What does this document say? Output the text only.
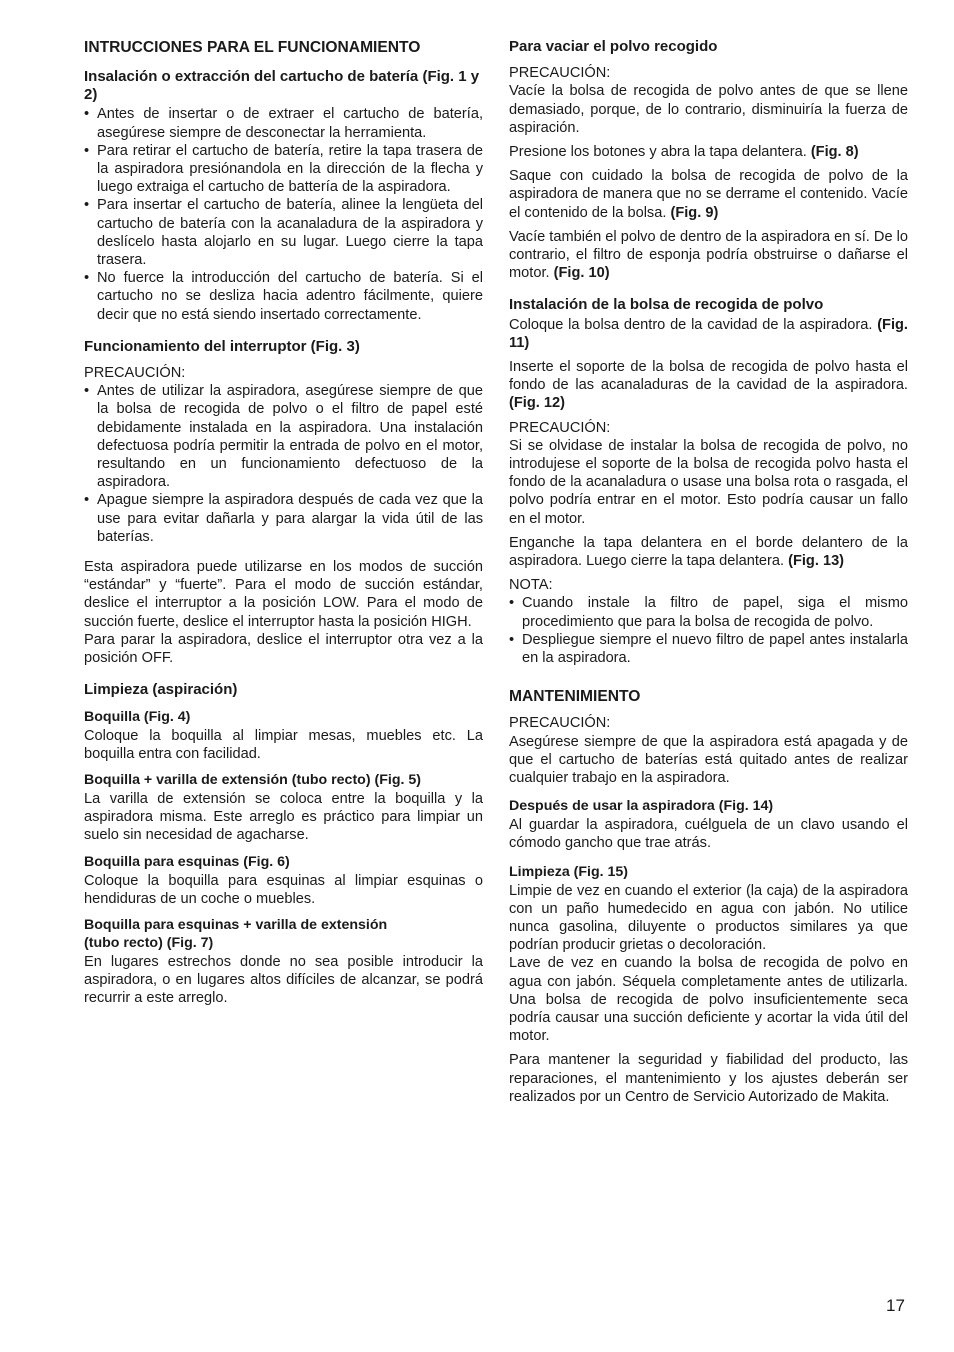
INTRUCCIONES PARA EL FUNCIONAMIENTO
Insalación o extracción del cartucho de batería (Fig. 1 y 2)
• Antes de insertar o de extraer el cartucho de batería, asegúrese siempre de desconectar la herramienta.
• Para retirar el cartucho de batería, retire la tapa trasera de la aspiradora presiónandola en la dirección de la flecha y luego extraiga el cartucho de battería de la aspiradora.
• Para insertar el cartucho de batería, alinee la lengüeta del cartucho de batería con la acanaladura de la aspiradora y deslícelo hasta alojarlo en su lugar. Luego cierre la tapa trasera.
• No fuerce la introducción del cartucho de batería. Si el cartucho no se desliza hacia adentro fácilmente, quiere decir que no está siendo insertado correctamente.
Funcionamiento del interruptor (Fig. 3)
PRECAUCIÓN:
• Antes de utilizar la aspiradora, asegúrese siempre de que la bolsa de recogida de polvo o el filtro de papel esté debidamente instalada en la aspiradora. Una instalación defectuosa podría permitir la entrada de polvo en el motor, resultando en un funcionamiento defectuoso de la aspiradora.
• Apague siempre la aspiradora después de cada vez que la use para evitar dañarla y para alargar la vida útil de las baterías.

Esta aspiradora puede utilizarse en los modos de succión “estándar” y “fuerte”. Para el modo de succión estándar, deslice el interruptor a la posición LOW. Para el modo de succión fuerte, deslice el interruptor hasta la posición HIGH.

Para parar la aspiradora, deslice el interruptor otra vez a la posición OFF.

Limpieza (aspiración)
Boquilla (Fig. 4)

Coloque la boquilla al limpiar mesas, muebles etc. La boquilla entra con facilidad.

Boquilla + varilla de extensión (tubo recto) (Fig. 5)

La varilla de extensión se coloca entre la boquilla y la aspiradora misma. Este arreglo es práctico para limpiar un suelo sin necesidad de agacharse.

Boquilla para esquinas (Fig. 6)

Coloque la boquilla para esquinas al limpiar esquinas o hendiduras de un coche o muebles.

Boquilla para esquinas + varilla de extensión
(tubo recto) (Fig. 7)

En lugares estrechos donde no sea posible introducir la aspiradora, o en lugares altos difíciles de alcanzar, se podrá recurrir a este arreglo.

Para vaciar el polvo recogido
PRECAUCIÓN:

Vacíe la bolsa de recogida de polvo antes de que se llene demasiado, porque, de lo contrario, disminuiría la fuerza de aspiración.

Presione los botones y abra la tapa delantera. (Fig. 8)

Saque con cuidado la bolsa de recogida de polvo de la aspiradora de manera que no se derrame el contenido. Vacíe el contenido de la bolsa. (Fig. 9)

Vacíe también el polvo de dentro de la aspiradora en sí. De lo contrario, el filtro de esponja podría obstruirse o dañarse el motor. (Fig. 10)

Instalación de la bolsa de recogida de polvo

Coloque la bolsa dentro de la cavidad de la aspiradora. (Fig. 11)

Inserte el soporte de la bolsa de recogida de polvo hasta el fondo de las acanaladuras de la cavidad de la aspiradora. (Fig. 12)

PRECAUCIÓN:

Si se olvidase de instalar la bolsa de recogida de polvo, no introdujese el soporte de la bolsa de recogida polvo hasta el fondo de la acanaladura o usase una bolsa rota o rasgada, el polvo podría entrar en el motor. Esto podría causar un fallo en el motor.

Enganche la tapa delantera en el borde delantero de la aspiradora. Luego cierre la tapa delantera. (Fig. 13)

NOTA:
• Cuando instale la filtro de papel, siga el mismo procedimiento que para la bolsa de recogida de polvo.
• Despliegue siempre el nuevo filtro de papel antes instalarla en la aspiradora.
MANTENIMIENTO
PRECAUCIÓN:

Asegúrese siempre de que la aspiradora está apagada y de que el cartucho de baterías está quitado antes de realizar cualquier trabajo en la aspiradora.

Después de usar la aspiradora (Fig. 14)

Al guardar la aspiradora, cuélguela de un clavo usando el cómodo gancho que trae atrás.

Limpieza (Fig. 15)

Limpie de vez en cuando el exterior (la caja) de la aspiradora con un paño humedecido en agua con jabón. No utilice nunca gasolina, diluyente o productos similares ya que podrían producir grietas o decoloración.

Lave de vez en cuando la bolsa de recogida de polvo en agua con jabón. Séquela completamente antes de utilizarla. Una bolsa de recogida de polvo insuficientemente seca podría causar una succión deficiente y acortar la vida útil del motor.

Para mantener la seguridad y fiabilidad del producto, las reparaciones, el mantenimiento y los ajustes deberán ser realizados por un Centro de Servicio Autorizado de Makita.

17
